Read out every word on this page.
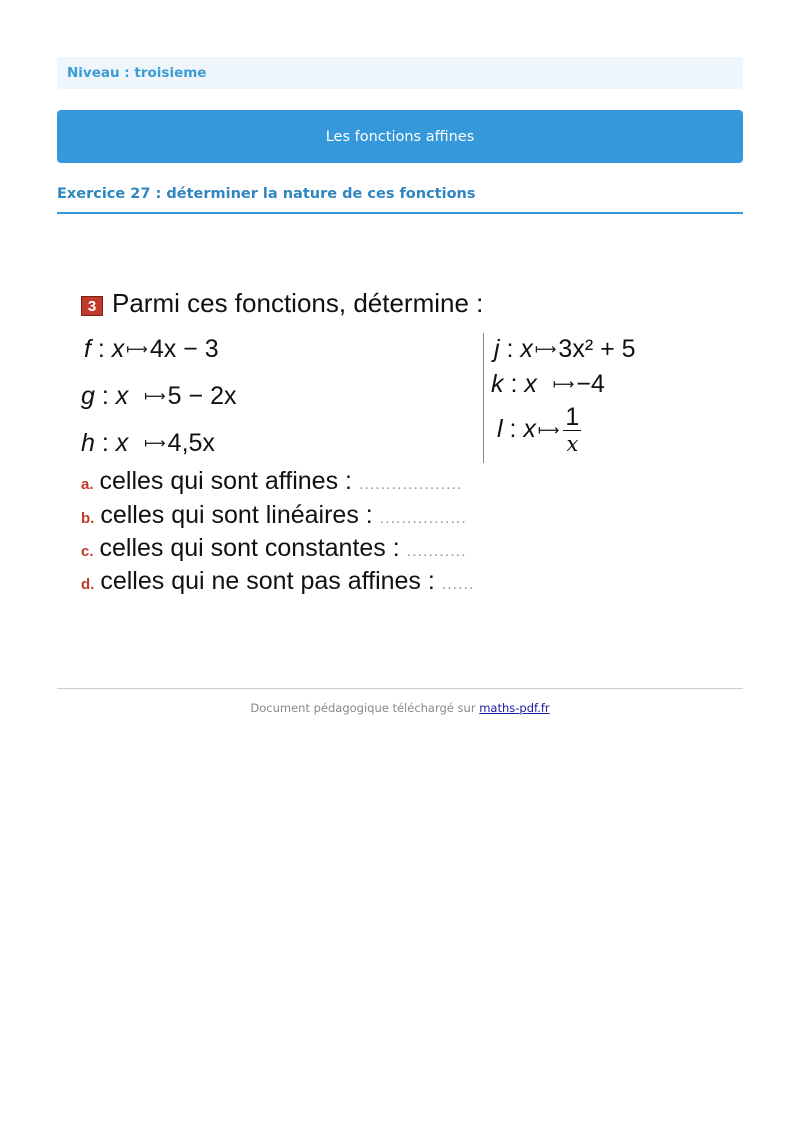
Niveau : troisieme
Les fonctions affines
Exercice 27 : déterminer la nature de ces fonctions
3 Parmi ces fonctions, détermine :
f : x ⟼4x − 3
g : x ⟼5 − 2x
h : x ⟼4,5x
j : x ⟼3x² + 5
k : x ⟼−4
l : x ⟼ $\frac{1}{x}$
a. celles qui sont affines : ...................
b. celles qui sont linéaires : ................
c. celles qui sont constantes : ...........
d. celles qui ne sont pas affines : ......
Document pédagogique téléchargé sur maths-pdf.fr
